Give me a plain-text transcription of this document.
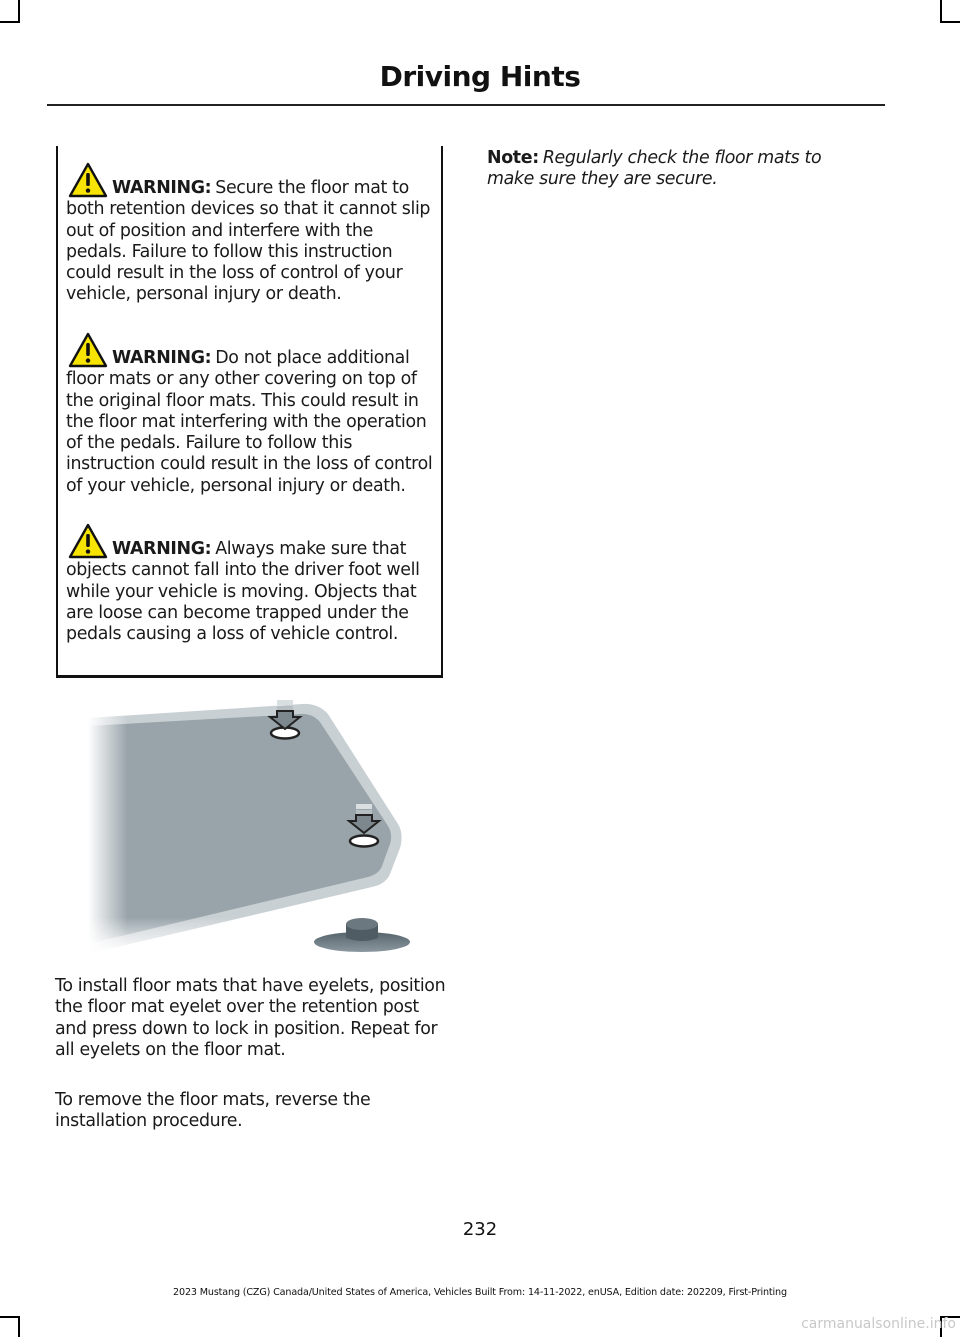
Driving Hints
WARNING: Secure the floor mat to both retention devices so that it cannot slip out of position and interfere with the pedals. Failure to follow this instruction could result in the loss of control of your vehicle, personal injury or death.
WARNING: Do not place additional floor mats or any other covering on top of the original floor mats. This could result in the floor mat interfering with the operation of the pedals. Failure to follow this instruction could result in the loss of control of your vehicle, personal injury or death.
WARNING: Always make sure that objects cannot fall into the driver foot well while your vehicle is moving. Objects that are loose can become trapped under the pedals causing a loss of vehicle control.

To install floor mats that have eyelets, position the floor mat eyelet over the retention post and press down to lock in position. Repeat for all eyelets on the floor mat.

To remove the floor mats, reverse the installation procedure.

Note: Regularly check the floor mats to make sure they are secure.
232
2023 Mustang (CZG) Canada/United States of America, Vehicles Built From: 14-11-2022, enUSA, Edition date: 202209, First-Printing
carmanualsonline.info
